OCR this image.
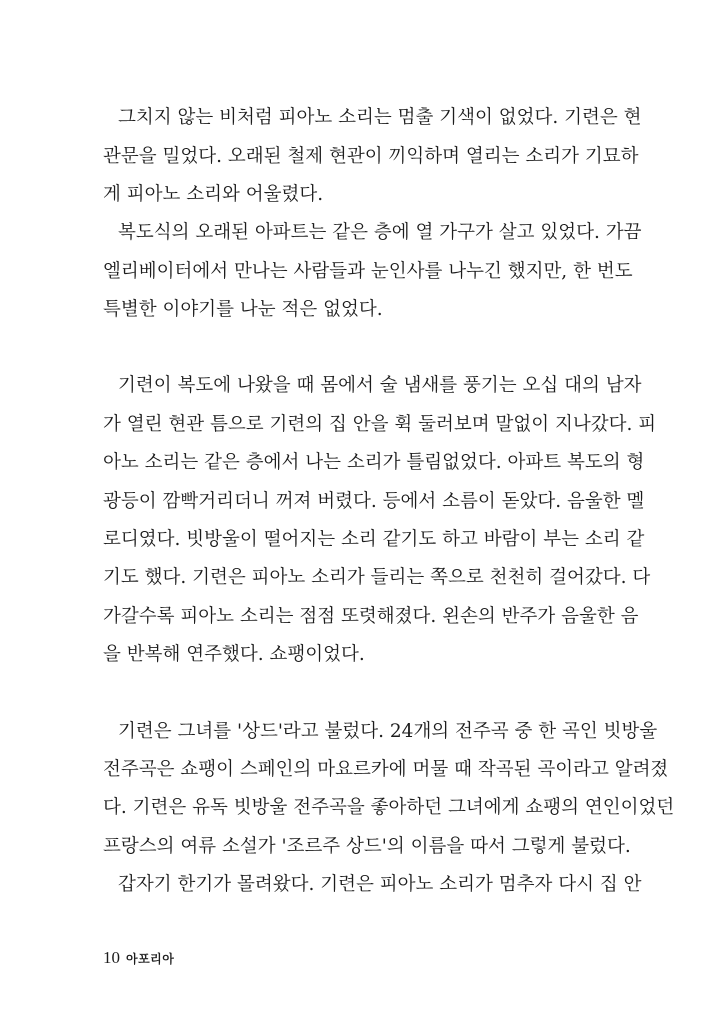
그치지 않는 비처럼 피아노 소리는 멈출 기색이 없었다. 기련은 현
관문을 밀었다. 오래된 철제 현관이 끼익하며 열리는 소리가 기묘하
게 피아노 소리와 어울렸다.
복도식의 오래된 아파트는 같은 층에 열 가구가 살고 있었다. 가끔
엘리베이터에서 만나는 사람들과 눈인사를 나누긴 했지만, 한 번도
특별한 이야기를 나눈 적은 없었다.
기련이 복도에 나왔을 때 몸에서 술 냄새를 풍기는 오십 대의 남자
가 열린 현관 틈으로 기련의 집 안을 휙 둘러보며 말없이 지나갔다. 피
아노 소리는 같은 층에서 나는 소리가 틀림없었다. 아파트 복도의 형
광등이 깜빡거리더니 꺼져 버렸다. 등에서 소름이 돋았다. 음울한 멜
로디였다. 빗방울이 떨어지는 소리 같기도 하고 바람이 부는 소리 같
기도 했다. 기련은 피아노 소리가 들리는 쪽으로 천천히 걸어갔다. 다
가갈수록 피아노 소리는 점점 또렷해졌다. 왼손의 반주가 음울한 음
을 반복해 연주했다. 쇼팽이었다.
기련은 그녀를 '상드'라고 불렀다. 24개의 전주곡 중 한 곡인 빗방울
전주곡은 쇼팽이 스페인의 마요르카에 머물 때 작곡된 곡이라고 알려졌
다. 기련은 유독 빗방울 전주곡을 좋아하던 그녀에게 쇼팽의 연인이었던
프랑스의 여류 소설가 '조르주 상드'의 이름을 따서 그렇게 불렀다.
갑자기 한기가 몰려왔다. 기련은 피아노 소리가 멈추자 다시 집 안
10 아포리아
